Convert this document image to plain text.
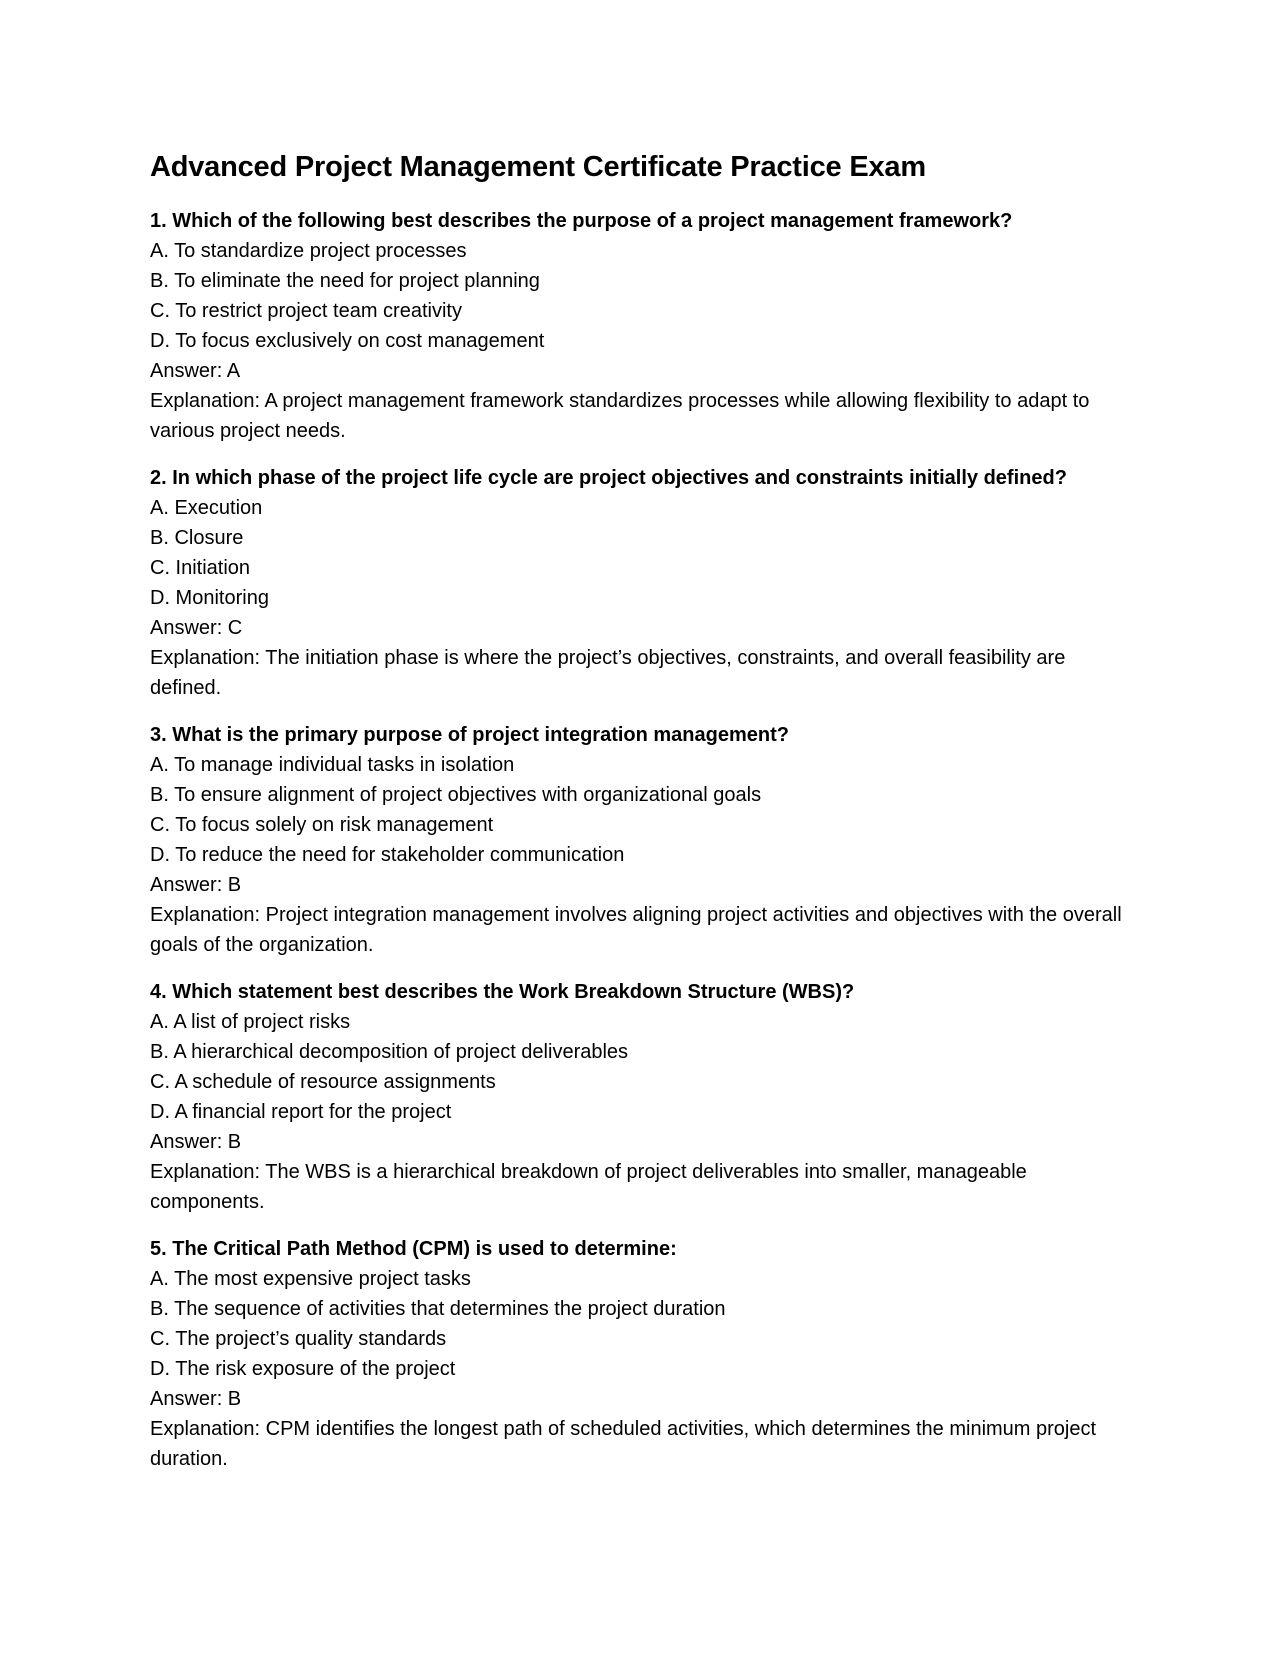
Advanced Project Management Certificate Practice Exam

1. Which of the following best describes the purpose of a project management framework?

A. To standardize project processes

B. To eliminate the need for project planning

C. To restrict project team creativity

D. To focus exclusively on cost management

Answer: A

Explanation: A project management framework standardizes processes while allowing flexibility to adapt to various project needs.

2. In which phase of the project life cycle are project objectives and constraints initially defined?

A. Execution

B. Closure

C. Initiation

D. Monitoring

Answer: C

Explanation: The initiation phase is where the project’s objectives, constraints, and overall feasibility are defined.

3. What is the primary purpose of project integration management?

A. To manage individual tasks in isolation

B. To ensure alignment of project objectives with organizational goals

C. To focus solely on risk management

D. To reduce the need for stakeholder communication

Answer: B

Explanation: Project integration management involves aligning project activities and objectives with the overall goals of the organization.

4. Which statement best describes the Work Breakdown Structure (WBS)?

A. A list of project risks

B. A hierarchical decomposition of project deliverables

C. A schedule of resource assignments

D. A financial report for the project

Answer: B

Explanation: The WBS is a hierarchical breakdown of project deliverables into smaller, manageable components.

5. The Critical Path Method (CPM) is used to determine:

A. The most expensive project tasks

B. The sequence of activities that determines the project duration

C. The project’s quality standards

D. The risk exposure of the project

Answer: B

Explanation: CPM identifies the longest path of scheduled activities, which determines the minimum project duration.
